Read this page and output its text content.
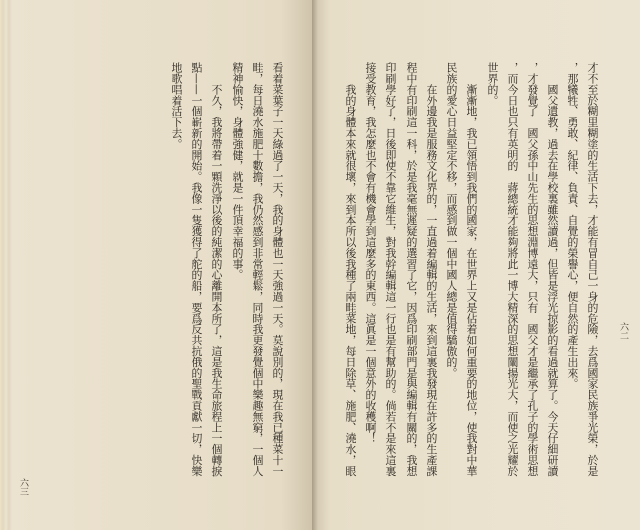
看着菜葉子一天綠過了一天，我的身體也一天強過一天。莫說別的，現在我已種菜十一
畦，每日澆水施肥十數擔，我仍然感到非常輕鬆，同時我更發覺個中樂趣無窮，一個人
精神愉快，身體強健，就是一件頂幸福的事。
　　不久，我將帶着一顆洗淨以後的純潔的心離開本所了，這是我生命旅程上一個轉捩
點——一個嶄新的開始。我像一隻獲得了舵的船，要爲反共抗俄的聖戰貢獻一切，快樂
地歌唱着活下去。
六三
才不至於糊里糊塗的生活下去，才能有冒自己一身的危險，去爲國家民族爭光榮，於是
，那犧牲、勇敢、紀律、負責、自覺的榮譽心，便自然的產生出來。
　　國父遺教，過去在學校裏雖然讀過，但皆是浮光掠影的看過就算了。今天仔細研讀
，才發覺了　國父孫中山先生的思想淵博遠大，只有　國父才是繼承了孔子的學術思想
，而今日也只有英明的　蔣總統才能夠將此一博大精深的思想闡揚光大，而使之光耀於
世界的。
　　漸漸地，我已領悟到我們的國家，在世界上又是佔着如何重要的地位，使我對中華
民族的愛心日益堅定不移，而感到做一個中國人總是值得驕傲的。
　　在外邊我是服務文化界的，一直過着編輯的生活，來到這裏我發現在許多的生產課
程中有印刷這一科，於是我毫無遲疑的選習了它，因爲印刷部門是與編輯有關的，我想
印刷學好了，日後即使不靠它維生，對我幹編輯這一行也是有幫助的。倘若不是來這裏
接受教育，我怎麼也不會有機會學到這麼多的東西。這眞是一個意外的收穫啊！
　　我的身體本來就很壞，來到本所以後我種了兩畦菜地，每日除草、施肥、澆水，眼	六二
